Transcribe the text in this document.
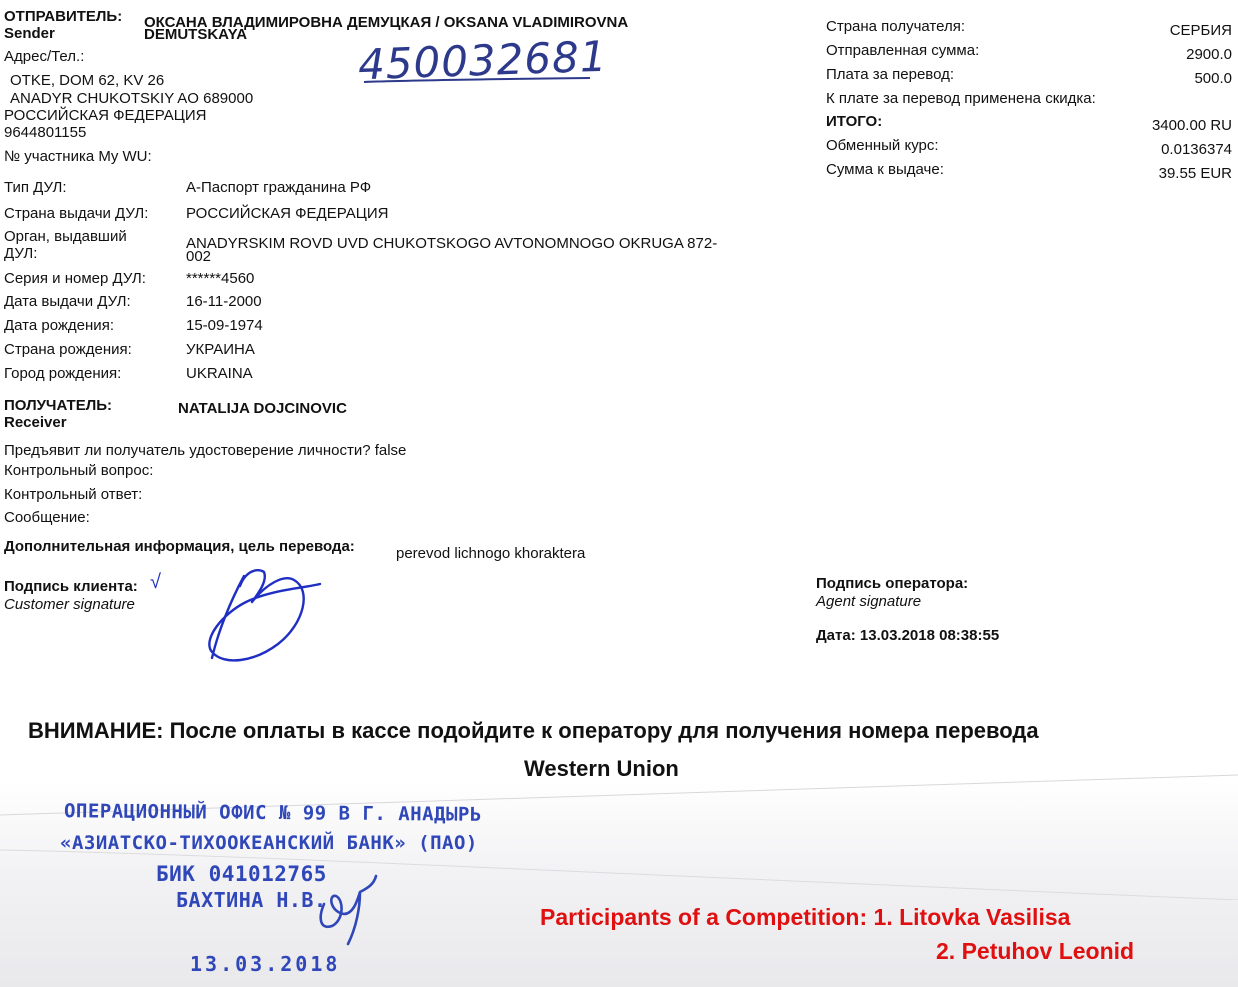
ОТПРАВИТЕЛЬ:
Sender
ОКСАНА ВЛАДИМИРОВНА ДЕМУЦКАЯ / OKSANA VLADIMIROVNA
DEMUTSKAYA
Адрес/Тел.:
OTKE, DOM 62, KV 26
ANADYR CHUKOTSKIY AO 689000
РОССИЙСКАЯ ФЕДЕРАЦИЯ
9644801155
№ участника My WU:
450032681
Тип ДУЛ:	А-Паспорт гражданина РФ
Страна выдачи ДУЛ:	РОССИЙСКАЯ ФЕДЕРАЦИЯ
Орган, выдавший	ANADYRSKIM ROVD UVD CHUKOTSKOGO AVTONOMNOGO OKRUGA 872-
ДУЛ:	002
Серия и номер ДУЛ:	******4560
Дата выдачи ДУЛ:	16-11-2000
Дата рождения:	15-09-1974
Страна рождения:	УКРАИНА
Город рождения:	UKRAINA
ПОЛУЧАТЕЛЬ:
Receiver
NATALIJA DOJCINOVIC
Предъявит ли получатель удостоверение личности? false
Контрольный вопрос:
Контрольный ответ:
Сообщение:
Дополнительная информация, цель перевода:	perevod lichnogo khoraktera
Подпись клиента:
Customer signature
√
Страна получателя:	СЕРБИЯ
Отправленная сумма:	2900.0
Плата за перевод:	500.0
К плате за перевод применена скидка:
ИТОГО:	3400.00 RU
Обменный курс:	0.0136374
Сумма к выдаче:	39.55 EUR
Подпись оператора:
Agent signature
Дата: 13.03.2018 08:38:55
ВНИМАНИЕ: После оплаты в кассе подойдите к оператору для получения номера перевода
Western Union
ОПЕРАЦИОННЫЙ ОФИС № 99 В Г. АНАДЫРЬ
«АЗИАТСКО-ТИХООКЕАНСКИЙ БАНК» (ПАО)
БИК 041012765
БАХТИНА Н.В.
13.03.2018
Participants of a Competition: 1. Litovka Vasilisa
2. Petuhov Leonid
